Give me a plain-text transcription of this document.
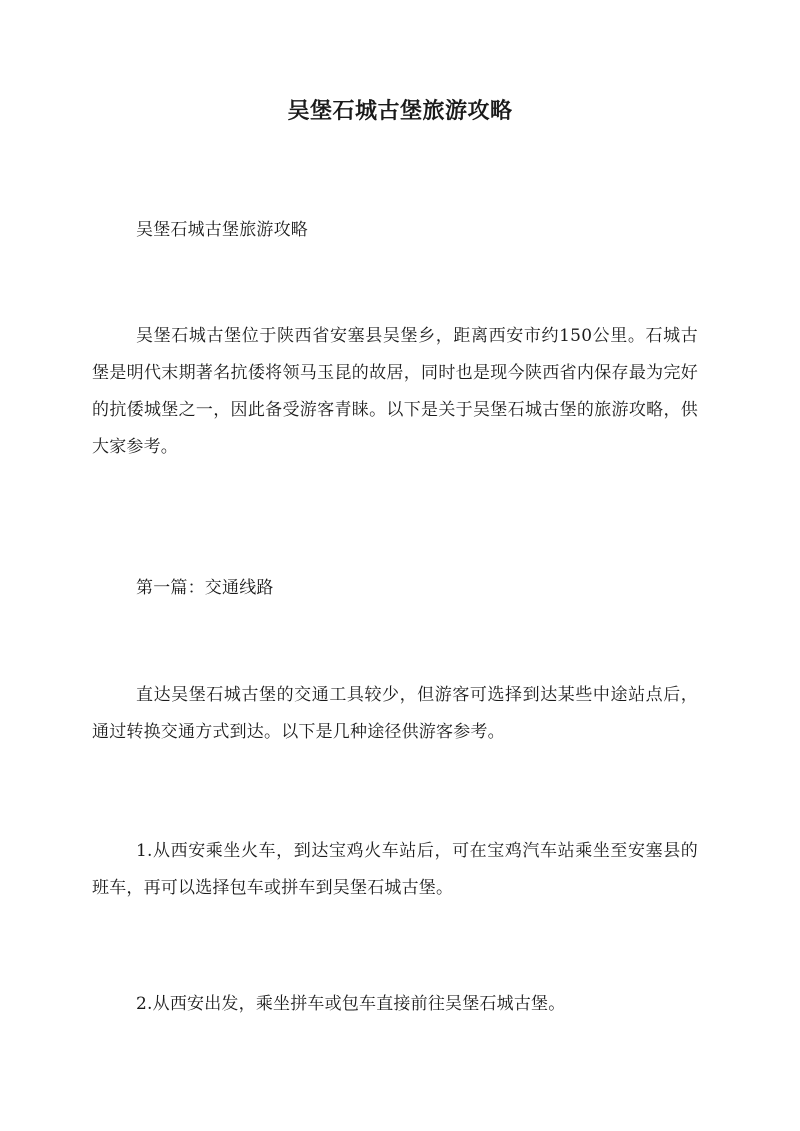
吴堡石城古堡旅游攻略

吴堡石城古堡旅游攻略

吴堡石城古堡位于陕西省安塞县吴堡乡，距离西安市约150公里。石城古堡是明代末期著名抗倭将领马玉昆的故居，同时也是现今陕西省内保存最为完好的抗倭城堡之一，因此备受游客青睐。以下是关于吴堡石城古堡的旅游攻略，供大家参考。

第一篇：交通线路

直达吴堡石城古堡的交通工具较少，但游客可选择到达某些中途站点后，通过转换交通方式到达。以下是几种途径供游客参考。

1.从西安乘坐火车，到达宝鸡火车站后，可在宝鸡汽车站乘坐至安塞县的班车，再可以选择包车或拼车到吴堡石城古堡。

2.从西安出发，乘坐拼车或包车直接前往吴堡石城古堡。
